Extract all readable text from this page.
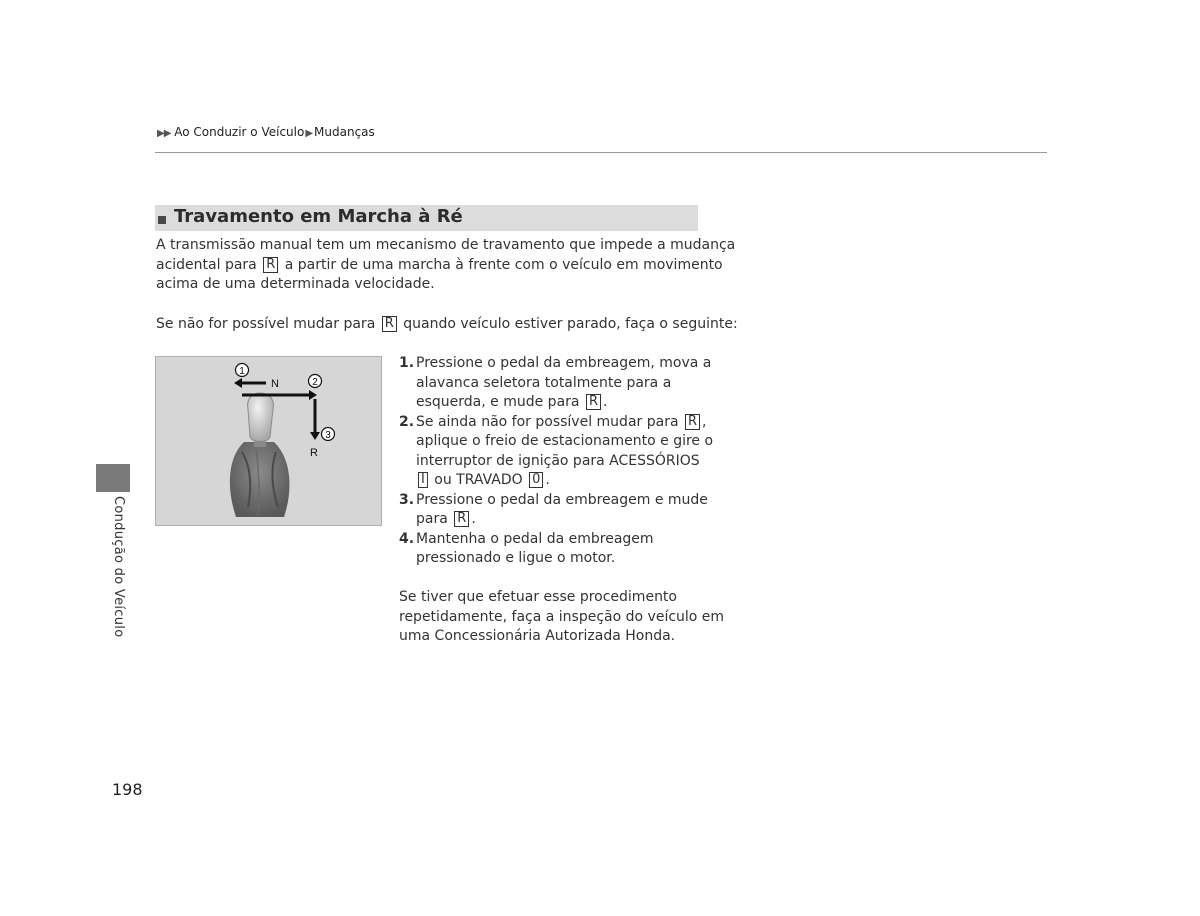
▶▶ Ao Conduzir o Veículo▶Mudanças
Travamento em Marcha à Ré
A transmissão manual tem um mecanismo de travamento que impede a mudança
acidental para R a partir de uma marcha à frente com o veículo em movimento
acima de uma determinada velocidade.
Se não for possível mudar para R quando veículo estiver parado, faça o seguinte:
1
2
3
N
R
1. Pressione o pedal da embreagem, mova a
alavanca seletora totalmente para a
esquerda, e mude para R .
2. Se ainda não for possível mudar para R ,
aplique o freio de estacionamento e gire o
interruptor de ignição para ACESSÓRIOS
I ou TRAVADO 0 .
3. Pressione o pedal da embreagem e mude
para R .
4. Mantenha o pedal da embreagem
pressionado e ligue o motor.
Se tiver que efetuar esse procedimento
repetidamente, faça a inspeção do veículo em
uma Concessionária Autorizada Honda.
Condução do Veículo
198
